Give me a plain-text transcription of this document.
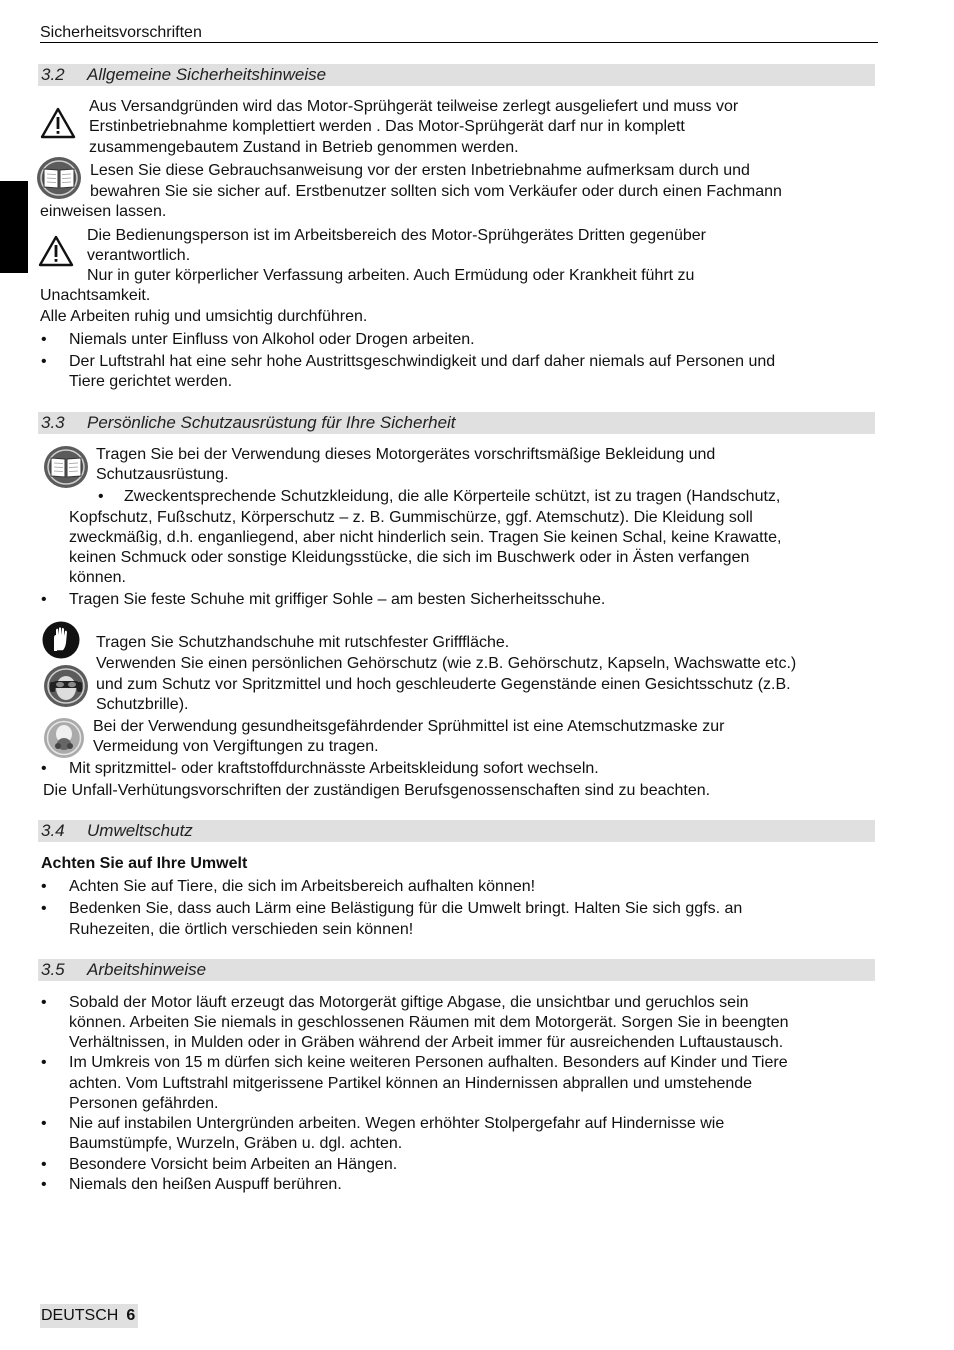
Sicherheitsvorschriften
3.2 Allgemeine Sicherheitshinweise
Aus Versandgründen wird das Motor-Sprühgerät teilweise zerlegt ausgeliefert und muss vor
Erstinbetriebnahme komplettiert werden . Das Motor-Sprühgerät darf nur in komplett
zusammengebautem Zustand in Betrieb genommen werden.
Lesen Sie diese Gebrauchsanweisung vor der ersten Inbetriebnahme aufmerksam durch und
bewahren Sie sie sicher auf. Erstbenutzer sollten sich vom Verkäufer oder durch einen Fachmann
einweisen lassen.
Die Bedienungsperson ist im Arbeitsbereich des Motor-Sprühgerätes Dritten gegenüber
verantwortlich.
Nur in guter körperlicher Verfassung arbeiten. Auch Ermüdung oder Krankheit führt zu
Unachtsamkeit.
Alle Arbeiten ruhig und umsichtig durchführen.
• Niemals unter Einfluss von Alkohol oder Drogen arbeiten.
• Der Luftstrahl hat eine sehr hohe Austrittsgeschwindigkeit und darf daher niemals auf Personen und
Tiere gerichtet werden.
3.3 Persönliche Schutzausrüstung für Ihre Sicherheit
Tragen Sie bei der Verwendung dieses Motorgerätes vorschriftsmäßige Bekleidung und
Schutzausrüstung.
• Zweckentsprechende Schutzkleidung, die alle Körperteile schützt, ist zu tragen (Handschutz,
Kopfschutz, Fußschutz, Körperschutz – z. B. Gummischürze, ggf. Atemschutz). Die Kleidung soll
zweckmäßig, d.h. enganliegend, aber nicht hinderlich sein. Tragen Sie keinen Schal, keine Krawatte,
keinen Schmuck oder sonstige Kleidungsstücke, die sich im Buschwerk oder in Ästen verfangen
können.
• Tragen Sie feste Schuhe mit griffiger Sohle – am besten Sicherheitsschuhe.
Tragen Sie Schutzhandschuhe mit rutschfester Grifffläche.
Verwenden Sie einen persönlichen Gehörschutz (wie z.B. Gehörschutz, Kapseln, Wachswatte etc.)
und zum Schutz vor Spritzmittel und hoch geschleuderte Gegenstände einen Gesichtsschutz (z.B.
Schutzbrille).
Bei der Verwendung gesundheitsgefährdender Sprühmittel ist eine Atemschutzmaske zur
Vermeidung von Vergiftungen zu tragen.
• Mit spritzmittel- oder kraftstoffdurchnässte Arbeitskleidung sofort wechseln.
Die Unfall-Verhütungsvorschriften der zuständigen Berufsgenossenschaften sind zu beachten.
3.4 Umweltschutz
Achten Sie auf Ihre Umwelt
• Achten Sie auf Tiere, die sich im Arbeitsbereich aufhalten können!
• Bedenken Sie, dass auch Lärm eine Belästigung für die Umwelt bringt. Halten Sie sich ggfs. an
Ruhezeiten, die örtlich verschieden sein können!
3.5 Arbeitshinweise
• Sobald der Motor läuft erzeugt das Motorgerät giftige Abgase, die unsichtbar und geruchlos sein
können. Arbeiten Sie niemals in geschlossenen Räumen mit dem Motorgerät. Sorgen Sie in beengten
Verhältnissen, in Mulden oder in Gräben während der Arbeit immer für ausreichenden Luftaustausch.
• Im Umkreis von 15 m dürfen sich keine weiteren Personen aufhalten. Besonders auf Kinder und Tiere
achten. Vom Luftstrahl mitgerissene Partikel können an Hindernissen abprallen und umstehende
Personen gefährden.
• Nie auf instabilen Untergründen arbeiten. Wegen erhöhter Stolpergefahr auf Hindernisse wie
Baumstümpfe, Wurzeln, Gräben u. dgl. achten.
• Besondere Vorsicht beim Arbeiten an Hängen.
• Niemals den heißen Auspuff berühren.
DEUTSCH 6
